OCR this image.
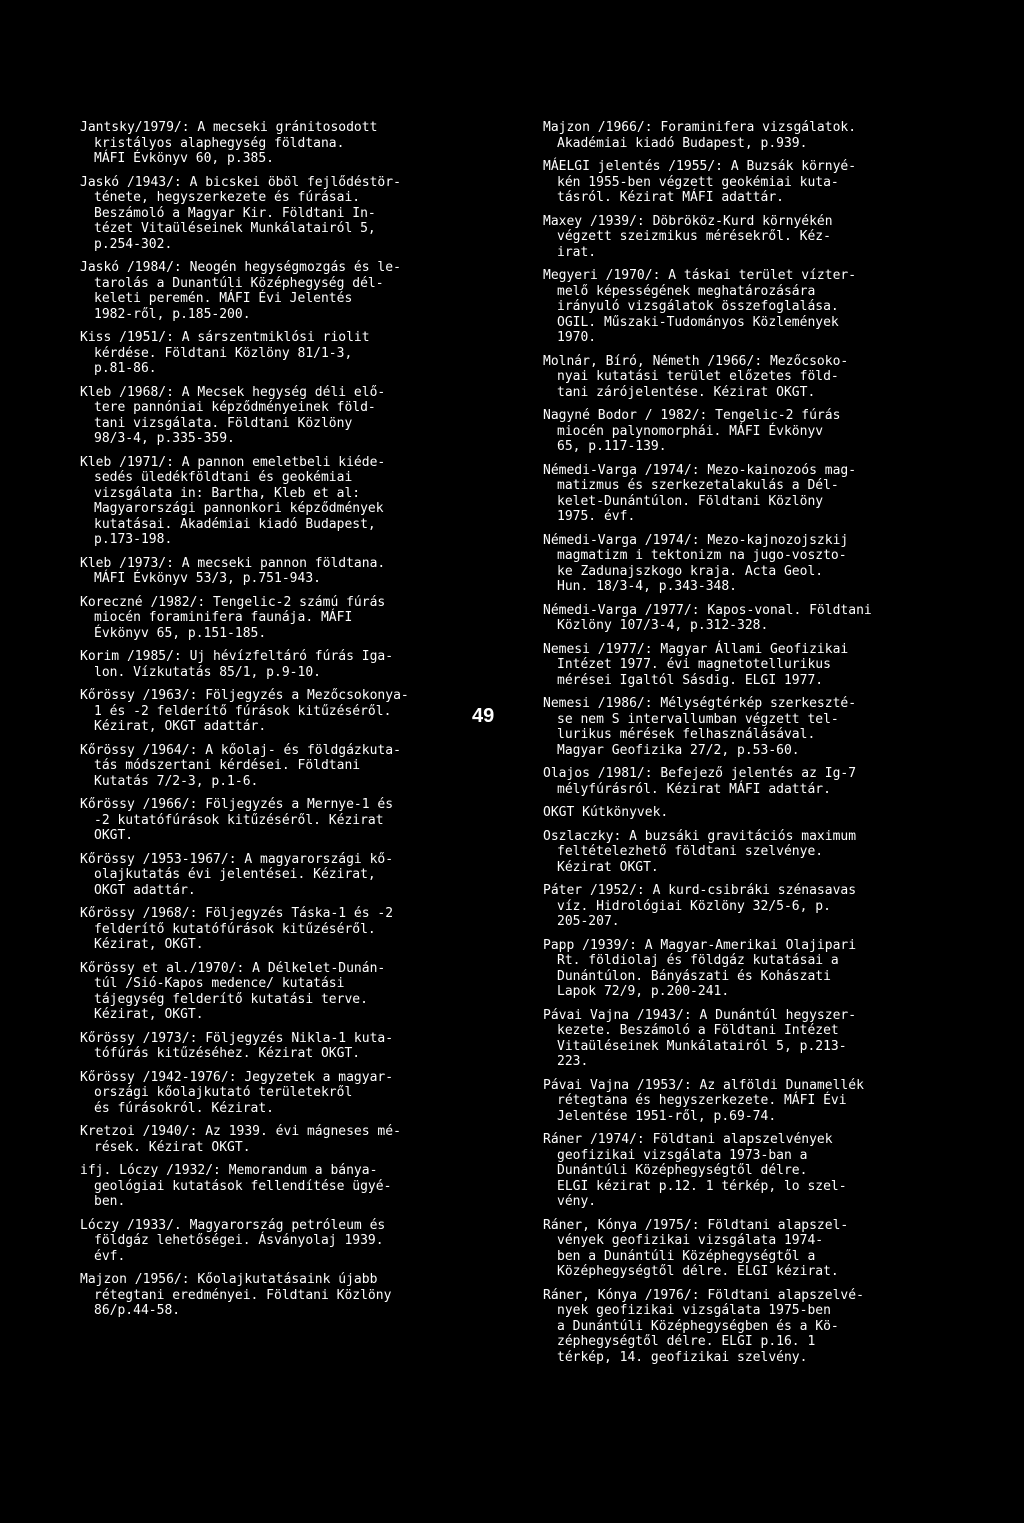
Jantsky/1979/: A mecseki gránitosodott
kristályos alaphegység földtana.
MÁFI Évkönyv 60, p.385.
Jaskó /1943/: A bicskei öböl fejlődéstör-
ténete, hegyszerkezete és fúrásai.
Beszámoló a Magyar Kir. Földtani In-
tézet Vitaüléseinek Munkálatairól 5,
p.254-302.
Jaskó /1984/: Neogén hegységmozgás és le-
tarolás a Dunantúli Középhegység dél-
keleti peremén. MÁFI Évi Jelentés
1982-ről, p.185-200.
Kiss /1951/: A sárszentmiklósi riolit
kérdése. Földtani Közlöny 81/1-3,
p.81-86.
Kleb /1968/: A Mecsek hegység déli elő-
tere pannóniai képződményeinek föld-
tani vizsgálata. Földtani Közlöny
98/3-4, p.335-359.
Kleb /1971/: A pannon emeletbeli kiéde-
sedés üledékföldtani és geokémiai
vizsgálata in: Bartha, Kleb et al:
Magyarországi pannonkori képződmények
kutatásai. Akadémiai kiadó Budapest,
p.173-198.
Kleb /1973/: A mecseki pannon földtana.
MÁFI Évkönyv 53/3, p.751-943.
Koreczné /1982/: Tengelic-2 számú fúrás
miocén foraminifera faunája. MÁFI
Évkönyv 65, p.151-185.
Korim /1985/: Uj hévízfeltáró fúrás Iga-
lon. Vízkutatás 85/1, p.9-10.
Kőrössy /1963/: Följegyzés a Mezőcsokonya-
1 és -2 felderítő fúrások kitűzéséről.
Kézirat, OKGT adattár.
Kőrössy /1964/: A kőolaj- és földgázkuta-
tás módszertani kérdései. Földtani
Kutatás 7/2-3, p.1-6.
Kőrössy /1966/: Följegyzés a Mernye-1 és
-2 kutatófúrások kitűzéséről. Kézirat
OKGT.
Kőrössy /1953-1967/: A magyarországi kő-
olajkutatás évi jelentései. Kézirat,
OKGT adattár.
Kőrössy /1968/: Följegyzés Táska-1 és -2
felderítő kutatófúrások kitűzéséről.
Kézirat, OKGT.
Kőrössy et al./1970/: A Délkelet-Dunán-
túl /Sió-Kapos medence/ kutatási
tájegység felderítő kutatási terve.
Kézirat, OKGT.
Kőrössy /1973/: Följegyzés Nikla-1 kuta-
tófúrás kitűzéséhez. Kézirat OKGT.
Kőrössy /1942-1976/: Jegyzetek a magyar-
országi kőolajkutató területekről
és fúrásokról. Kézirat.
Kretzoi /1940/: Az 1939. évi mágneses mé-
rések. Kézirat OKGT.
ifj. Lóczy /1932/: Memorandum a bánya-
geológiai kutatások fellendítése ügyé-
ben.
Lóczy /1933/. Magyarország petróleum és
földgáz lehetőségei. Ásványolaj 1939.
évf.
Majzon /1956/: Kőolajkutatásaink újabb
rétegtani eredményei. Földtani Közlöny
86/p.44-58.
Majzon /1966/: Foraminifera vizsgálatok.
Akadémiai kiadó Budapest, p.939.
MÁELGI jelentés /1955/: A Buzsák környé-
kén 1955-ben végzett geokémiai kuta-
tásról. Kézirat MÁFI adattár.
Maxey /1939/: Döbrököz-Kurd környékén
végzett szeizmikus mérésekről. Kéz-
irat.
Megyeri /1970/: A táskai terület vízter-
melő képességének meghatározására
irányuló vizsgálatok összefoglalása.
OGIL. Műszaki-Tudományos Közlemények
1970.
Molnár, Bíró, Németh /1966/: Mezőcsoko-
nyai kutatási terület előzetes föld-
tani zárójelentése. Kézirat OKGT.
Nagyné Bodor / 1982/: Tengelic-2 fúrás
miocén palynomorphái. MÁFI Évkönyv
65, p.117-139.
Némedi-Varga /1974/: Mezo-kainozoós mag-
matizmus és szerkezetalakulás a Dél-
kelet-Dunántúlon. Földtani Közlöny
1975. évf.
Némedi-Varga /1974/: Mezo-kajnozojszkij
magmatizm i tektonizm na jugo-voszto-
ke Zadunajszkogo kraja. Acta Geol.
Hun. 18/3-4, p.343-348.
Némedi-Varga /1977/: Kapos-vonal. Földtani
Közlöny 107/3-4, p.312-328.
Nemesi /1977/: Magyar Állami Geofizikai
Intézet 1977. évi magnetotellurikus
mérései Igaltól Sásdig. ELGI 1977.
Nemesi /1986/: Mélységtérkép szerkeszté-
se nem S intervallumban végzett tel-
lurikus mérések felhasználásával.
Magyar Geofizika 27/2, p.53-60.
Olajos /1981/: Befejező jelentés az Ig-7
mélyfúrásról. Kézirat MÁFI adattár.
OKGT Kútkönyvek.
Oszlaczky: A buzsáki gravitációs maximum
feltételezhető földtani szelvénye.
Kézirat OKGT.
Páter /1952/: A kurd-csibráki szénasavas
víz. Hidrológiai Közlöny 32/5-6, p.
205-207.
Papp /1939/: A Magyar-Amerikai Olajipari
Rt. földiolaj és földgáz kutatásai a
Dunántúlon. Bányászati és Kohászati
Lapok 72/9, p.200-241.
Pávai Vajna /1943/: A Dunántúl hegyszer-
kezete. Beszámoló a Földtani Intézet
Vitaüléseinek Munkálatairól 5, p.213-
223.
Pávai Vajna /1953/: Az alföldi Dunamellék
rétegtana és hegyszerkezete. MÁFI Évi
Jelentése 1951-ről, p.69-74.
Ráner /1974/: Földtani alapszelvények
geofizikai vizsgálata 1973-ban a
Dunántúli Középhegységtől délre.
ELGI kézirat p.12. 1 térkép, lo szel-
vény.
Ráner, Kónya /1975/: Földtani alapszel-
vények geofizikai vizsgálata 1974-
ben a Dunántúli Középhegységtől a
Középhegységtől délre. ELGI kézirat.
Ráner, Kónya /1976/: Földtani alapszelvé-
nyek geofizikai vizsgálata 1975-ben
a Dunántúli Középhegységben és a Kö-
zéphegységtől délre. ELGI p.16. 1
térkép, 14. geofizikai szelvény.
49
